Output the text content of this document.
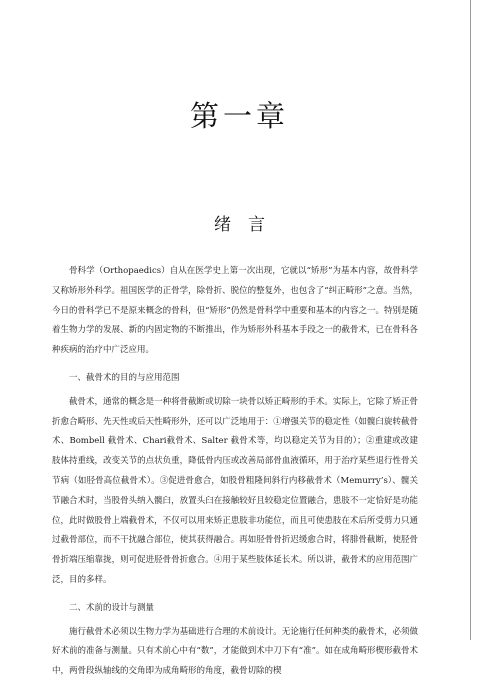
第一章
绪　言

骨科学（Orthopaedics）自从在医学史上第一次出现，它就以“矫形”为基本内容，故骨科学又称矫形外科学。祖国医学的正骨学，除骨折、脱位的整复外，也包含了“纠正畸形”之意。当然，今日的骨科学已不是原来概念的骨科，但“矫形”仍然是骨科学中重要和基本的内容之一。特别是随着生物力学的发展、新的内固定物的不断推出，作为矫形外科基本手段之一的截骨术，已在骨科各种疾病的治疗中广泛应用。

一、截骨术的目的与应用范围

截骨术，通常的概念是一种将骨截断或切除一块骨以矫正畸形的手术。实际上，它除了矫正骨折愈合畸形、先天性或后天性畸形外，还可以广泛地用于：①增强关节的稳定性（如髋臼旋转截骨术、Bombell 截骨术、Chari截骨术、Salter 截骨术等，均以稳定关节为目的）；②重建或改建肢体持重线，改变关节的点状负重，降低骨内压或改善局部骨血液循环，用于治疗某些退行性骨关节病（如胫骨高位截骨术）。③促进骨愈合，如股骨粗隆间斜行内移截骨术（Memurry’s）、髋关节融合术时，当股骨头纳入髋臼，放置头臼在接触较好且较稳定位置融合，患肢不一定恰好是功能位，此时做股骨上端截骨术，不仅可以用来矫正患肢非功能位，而且可使患肢在术后所受剪力只通过截骨部位，而不干扰融合部位，使其获得融合。再如胫骨骨折迟缓愈合时，将腓骨截断，使胫骨骨折端压缩靠拢，则可促进胫骨骨折愈合。④用于某些肢体延长术。所以讲，截骨术的应用范围广泛，目的多样。

二、术前的设计与测量

施行截骨术必须以生物力学为基础进行合理的术前设计。无论施行任何种类的截骨术，必须做好术前的准备与测量。只有术前心中有“数”，才能做到术中刀下有“准”。如在成角畸形楔形截骨术中，两骨段纵轴线的交角即为成角畸形的角度，截骨切除的楔
